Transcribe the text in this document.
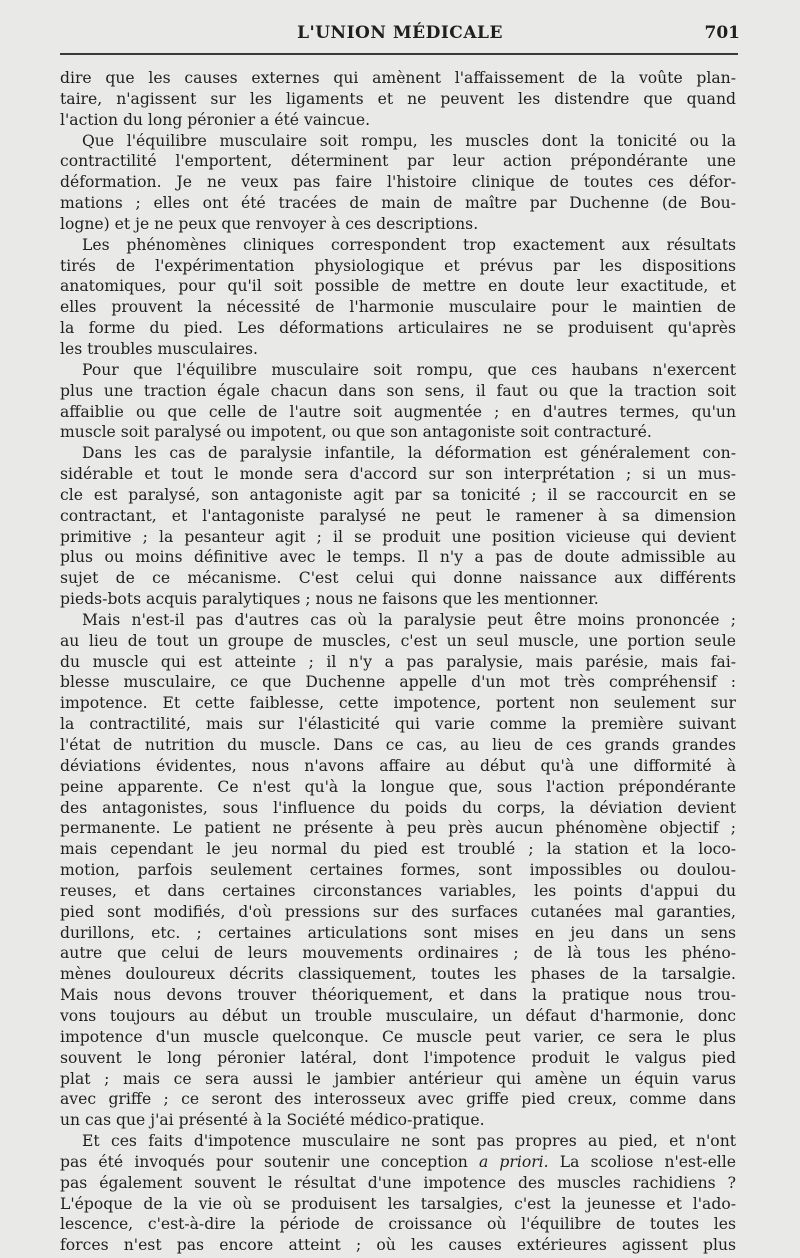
L'UNION MÉDICALE	701
dire que les causes externes qui amènent l'affaissement de la voûte plan-
taire, n'agissent sur les ligaments et ne peuvent les distendre que quand
l'action du long péronier a été vaincue.
Que l'équilibre musculaire soit rompu, les muscles dont la tonicité ou la
contractilité l'emportent, déterminent par leur action prépondérante une
déformation. Je ne veux pas faire l'histoire clinique de toutes ces défor-
mations ; elles ont été tracées de main de maître par Duchenne (de Bou-
logne) et je ne peux que renvoyer à ces descriptions.
Les phénomènes cliniques correspondent trop exactement aux résultats
tirés de l'expérimentation physiologique et prévus par les dispositions
anatomiques, pour qu'il soit possible de mettre en doute leur exactitude, et
elles prouvent la nécessité de l'harmonie musculaire pour le maintien de
la forme du pied. Les déformations articulaires ne se produisent qu'après
les troubles musculaires.
Pour que l'équilibre musculaire soit rompu, que ces haubans n'exercent
plus une traction égale chacun dans son sens, il faut ou que la traction soit
affaiblie ou que celle de l'autre soit augmentée ; en d'autres termes, qu'un
muscle soit paralysé ou impotent, ou que son antagoniste soit contracturé.
Dans les cas de paralysie infantile, la déformation est généralement con-
sidérable et tout le monde sera d'accord sur son interprétation ; si un mus-
cle est paralysé, son antagoniste agit par sa tonicité ; il se raccourcit en se
contractant, et l'antagoniste paralysé ne peut le ramener à sa dimension
primitive ; la pesanteur agit ; il se produit une position vicieuse qui devient
plus ou moins définitive avec le temps. Il n'y a pas de doute admissible au
sujet de ce mécanisme. C'est celui qui donne naissance aux différents
pieds-bots acquis paralytiques ; nous ne faisons que les mentionner.
Mais n'est-il pas d'autres cas où la paralysie peut être moins prononcée ;
au lieu de tout un groupe de muscles, c'est un seul muscle, une portion seule
du muscle qui est atteinte ; il n'y a pas paralysie, mais parésie, mais fai-
blesse musculaire, ce que Duchenne appelle d'un mot très compréhensif :
impotence. Et cette faiblesse, cette impotence, portent non seulement sur
la contractilité, mais sur l'élasticité qui varie comme la première suivant
l'état de nutrition du muscle. Dans ce cas, au lieu de ces grands grandes
déviations évidentes, nous n'avons affaire au début qu'à une difformité à
peine apparente. Ce n'est qu'à la longue que, sous l'action prépondérante
des antagonistes, sous l'influence du poids du corps, la déviation devient
permanente. Le patient ne présente à peu près aucun phénomène objectif ;
mais cependant le jeu normal du pied est troublé ; la station et la loco-
motion, parfois seulement certaines formes, sont impossibles ou doulou-
reuses, et dans certaines circonstances variables, les points d'appui du
pied sont modifiés, d'où pressions sur des surfaces cutanées mal garanties,
durillons, etc. ; certaines articulations sont mises en jeu dans un sens
autre que celui de leurs mouvements ordinaires ; de là tous les phéno-
mènes douloureux décrits classiquement, toutes les phases de la tarsalgie.
Mais nous devons trouver théoriquement, et dans la pratique nous trou-
vons toujours au début un trouble musculaire, un défaut d'harmonie, donc
impotence d'un muscle quelconque. Ce muscle peut varier, ce sera le plus
souvent le long péronier latéral, dont l'impotence produit le valgus pied
plat ; mais ce sera aussi le jambier antérieur qui amène un équin varus
avec griffe ; ce seront des interosseux avec griffe pied creux, comme dans
un cas que j'ai présenté à la Société médico-pratique.
Et ces faits d'impotence musculaire ne sont pas propres au pied, et n'ont
pas été invoqués pour soutenir une conception a priori. La scoliose n'est-elle
pas également souvent le résultat d'une impotence des muscles rachidiens ?
L'époque de la vie où se produisent les tarsalgies, c'est la jeunesse et l'ado-
lescence, c'est-à-dire la période de croissance où l'équilibre de toutes les
forces n'est pas encore atteint ; où les causes extérieures agissent plus
